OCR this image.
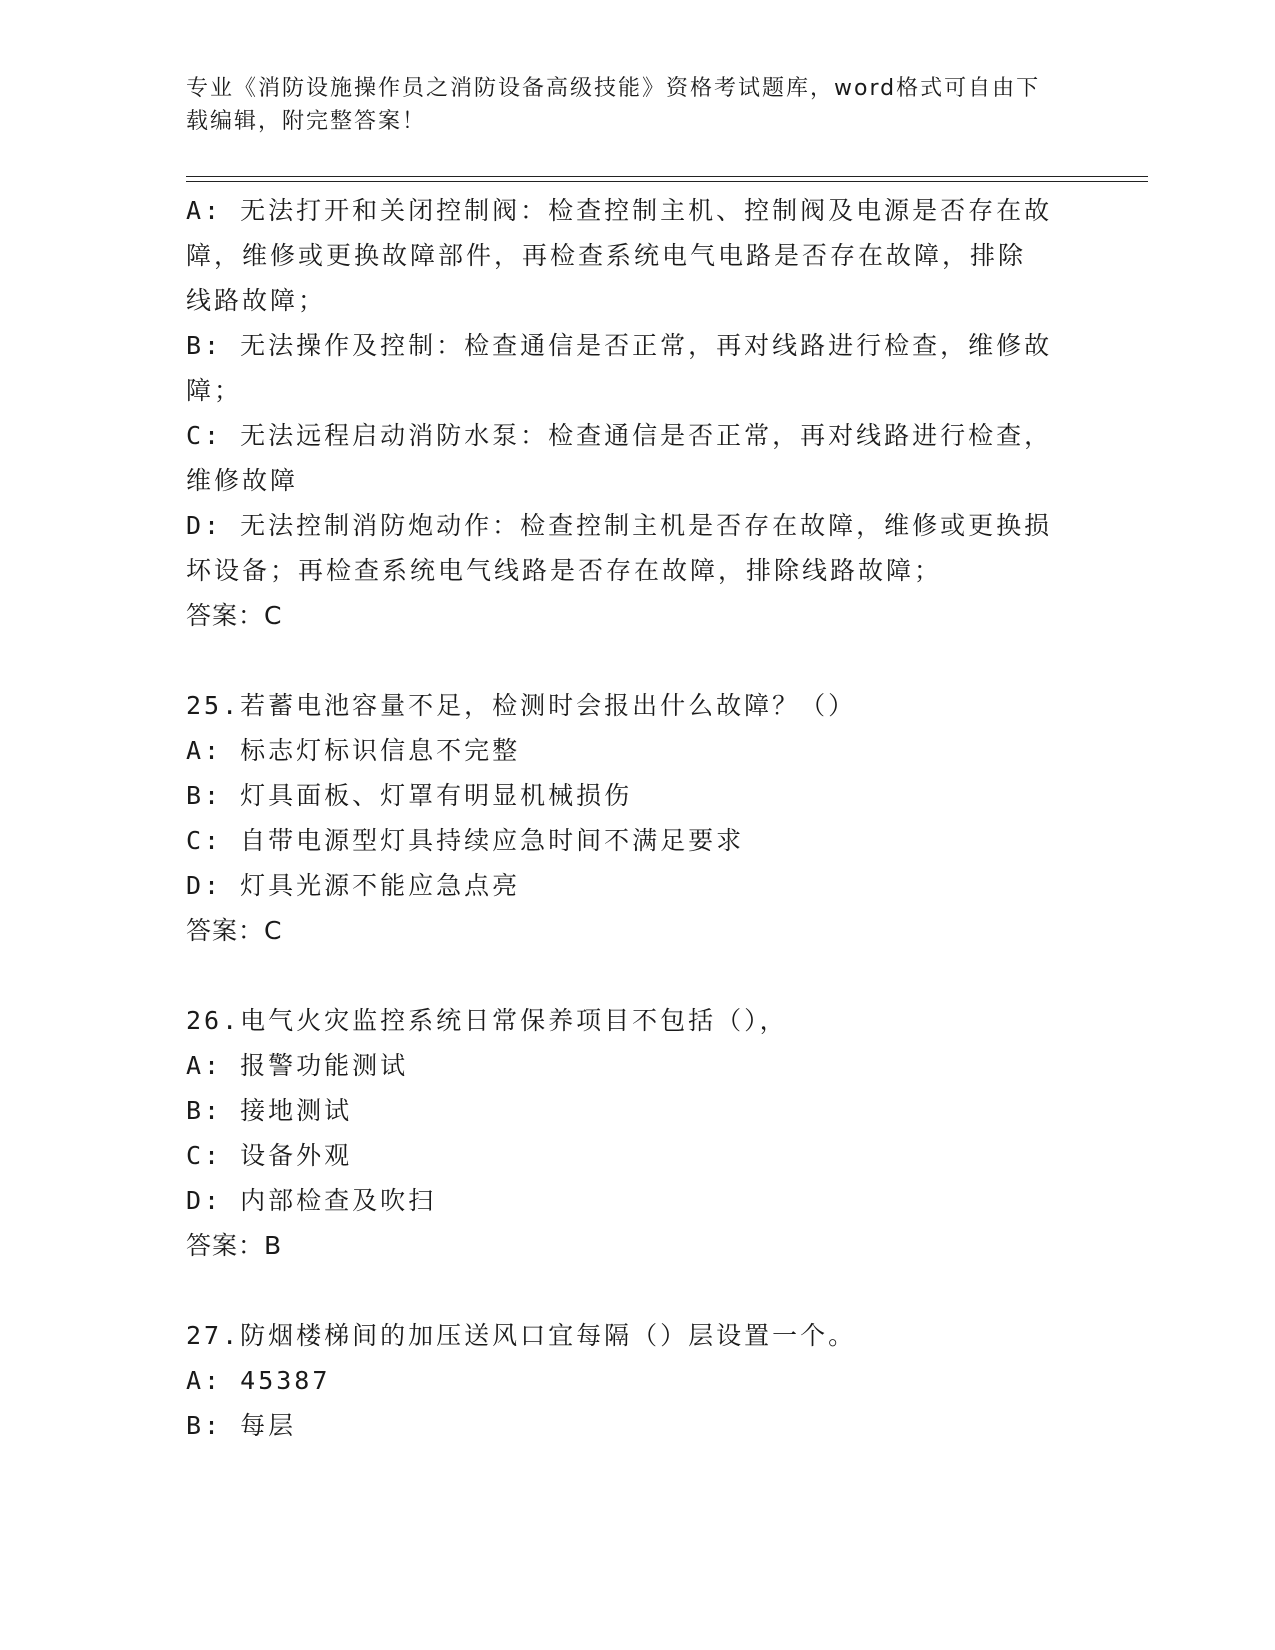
专业《消防设施操作员之消防设备高级技能》资格考试题库，word格式可自由下
载编辑，附完整答案！
A: 无法打开和关闭控制阀：检查控制主机、控制阀及电源是否存在故
障，维修或更换故障部件，再检查系统电气电路是否存在故障，排除
线路故障；
B: 无法操作及控制：检查通信是否正常，再对线路进行检查，维修故
障；
C: 无法远程启动消防水泵：检查通信是否正常，再对线路进行检查，
维修故障
D: 无法控制消防炮动作：检查控制主机是否存在故障，维修或更换损
坏设备；再检查系统电气线路是否存在故障，排除线路故障；
答案：C
25.若蓄电池容量不足，检测时会报出什么故障？（）
A: 标志灯标识信息不完整
B: 灯具面板、灯罩有明显机械损伤
C: 自带电源型灯具持续应急时间不满足要求
D: 灯具光源不能应急点亮
答案：C
26.电气火灾监控系统日常保养项目不包括（），
A: 报警功能测试
B: 接地测试
C: 设备外观
D: 内部检查及吹扫
答案：B
27.防烟楼梯间的加压送风口宜每隔（）层设置一个。
A: 45387
B: 每层
